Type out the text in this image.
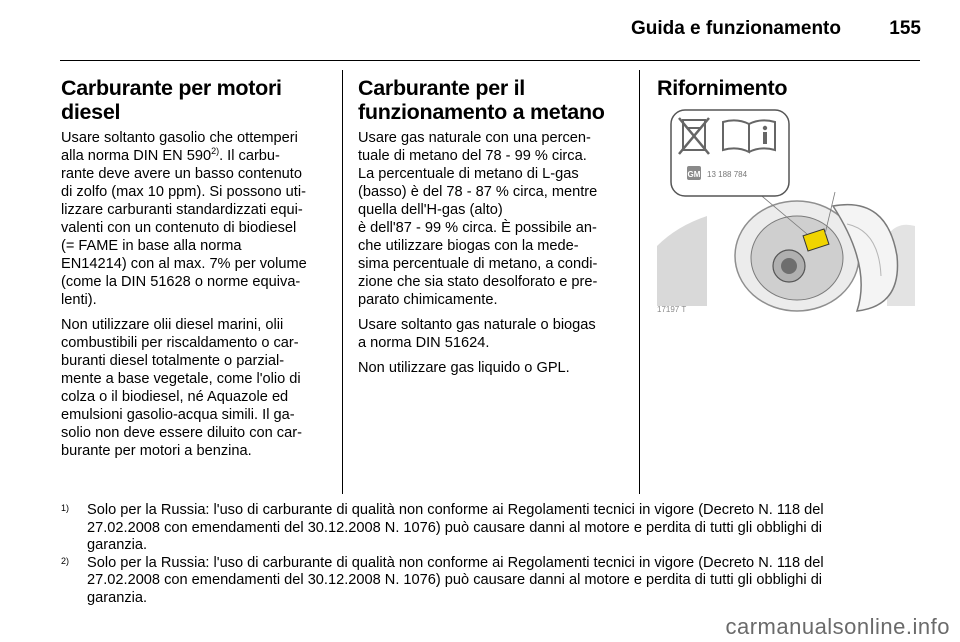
Guida e funzionamento	155
Carburante per motori
diesel

Usare soltanto gasolio che ottemperi
alla norma DIN EN 590$^{2)}$. Il carbu-
rante deve avere un basso contenuto
di zolfo (max 10 ppm). Si possono uti-
lizzare carburanti standardizzati equi-
valenti con un contenuto di biodiesel
(= FAME in base alla norma
EN14214) con al max. 7% per volume
(come la DIN 51628 o norme equiva-
lenti).

Non utilizzare olii diesel marini, olii
combustibili per riscaldamento o car-
buranti diesel totalmente o parzial-
mente a base vegetale, come l'olio di
colza o il biodiesel, né Aquazole ed
emulsioni gasolio-acqua simili. Il ga-
solio non deve essere diluito con car-
burante per motori a benzina.

Carburante per il
funzionamento a metano

Usare gas naturale con una percen-
tuale di metano del 78 - 99 % circa.
La percentuale di metano di L-gas
(basso) è del 78 - 87 % circa, mentre
quella dell'H-gas (alto)
è dell'87 - 99 % circa. È possibile an-
che utilizzare biogas con la mede-
sima percentuale di metano, a condi-
zione che sia stato desolforato e pre-
parato chimicamente.

Usare soltanto gas naturale o biogas
a norma DIN 51624.

Non utilizzare gas liquido o GPL.

Rifornimento
GM 13 188 784
17197 T
1) Solo per la Russia: l'uso di carburante di qualità non conforme ai Regolamenti tecnici in vigore (Decreto N. 118 del
27.02.2008 con emendamenti del 30.12.2008 N. 1076) può causare danni al motore e perdita di tutti gli obblighi di
garanzia.
2) Solo per la Russia: l'uso di carburante di qualità non conforme ai Regolamenti tecnici in vigore (Decreto N. 118 del
27.02.2008 con emendamenti del 30.12.2008 N. 1076) può causare danni al motore e perdita di tutti gli obblighi di
garanzia.
carmanualsonline.info
